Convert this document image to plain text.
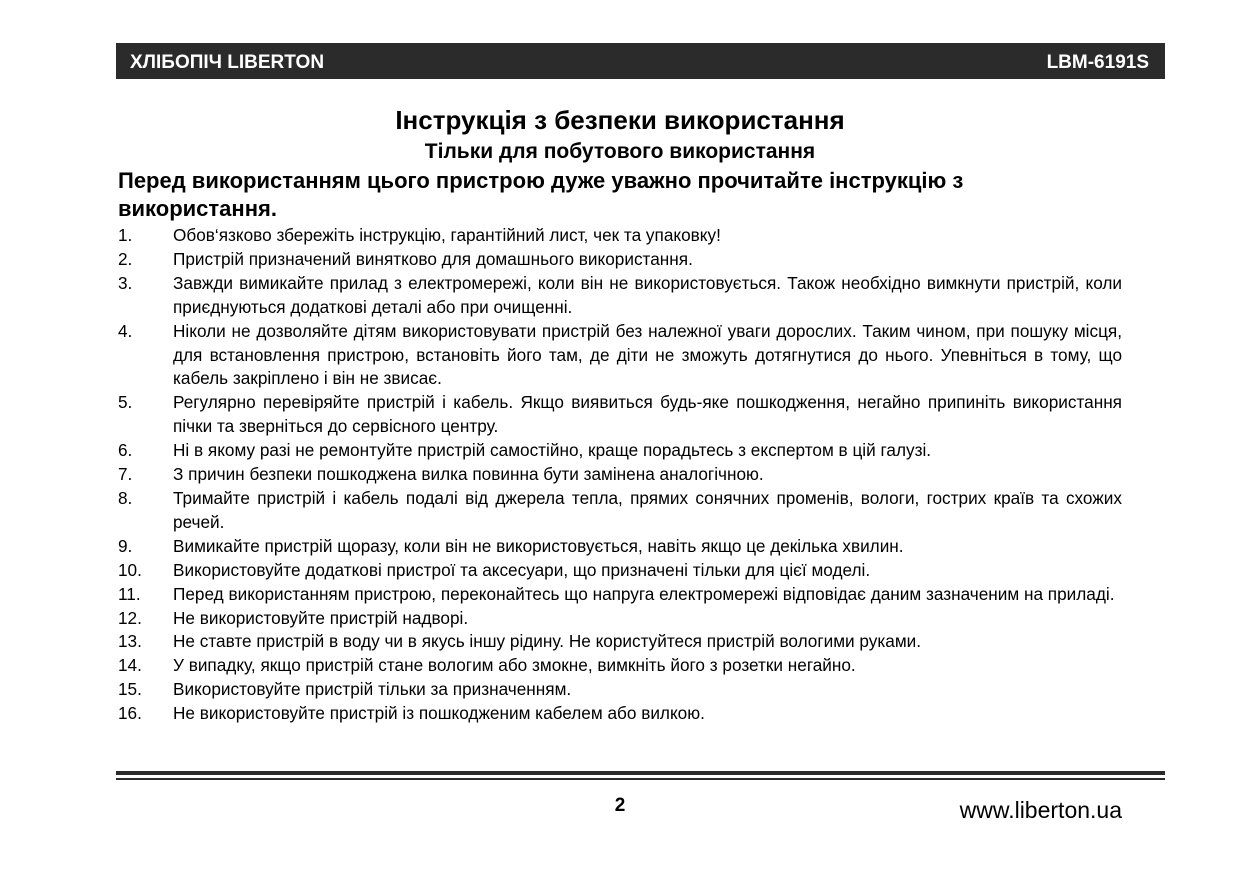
ХЛІБОПІЧ LIBERTON	LBM-6191S
Інструкція з безпеки використання
Тільки для побутового використання
Перед використанням цього пристрою дуже уважно прочитайте інструкцію з використання.
1.	Обов‘язково збережіть інструкцію, гарантійний лист, чек та упаковку!
2.	Пристрій призначений винятково для домашнього використання.
3.	Завжди вимикайте прилад з електромережі, коли він не використовується. Також необхідно вимкнути пристрій, коли приєднуються додаткові деталі або при очищенні.
4.	Ніколи не дозволяйте дітям використовувати пристрій без належної уваги дорослих. Таким чином, при пошуку місця, для встановлення пристрою, встановіть його там, де діти не зможуть дотягнутися до нього. Упевніться в тому, що кабель закріплено і він не звисає.
5.	Регулярно перевіряйте пристрій і кабель. Якщо виявиться будь-яке пошкодження, негайно припиніть використання пічки та зверніться до сервісного центру.
6.	Ні в якому разі не ремонтуйте пристрій самостійно, краще порадьтесь з експертом в цій галузі.
7.	З причин безпеки пошкоджена вилка повинна бути замінена аналогічною.
8.	Тримайте пристрій і кабель подалі від джерела тепла, прямих сонячних променів, вологи, гострих країв та схожих речей.
9.	Вимикайте пристрій щоразу, коли він не використовується, навіть якщо це декілька хвилин.
10.	Використовуйте додаткові пристрої та аксесуари, що призначені тільки для цієї моделі.
11.	Перед використанням пристрою, переконайтесь що напруга електромережі відповідає даним зазначеним на приладі.
12.	Не використовуйте пристрій надворі.
13.	Не ставте пристрій в воду чи в якусь іншу рідину. Не користуйтеся пристрій вологими руками.
14.	У випадку, якщо пристрій стане вологим або змокне, вимкніть його з розетки негайно.
15.	Використовуйте пристрій тільки за призначенням.
16.	Не використовуйте пристрій із пошкодженим кабелем або вилкою.
2	www.liberton.ua
